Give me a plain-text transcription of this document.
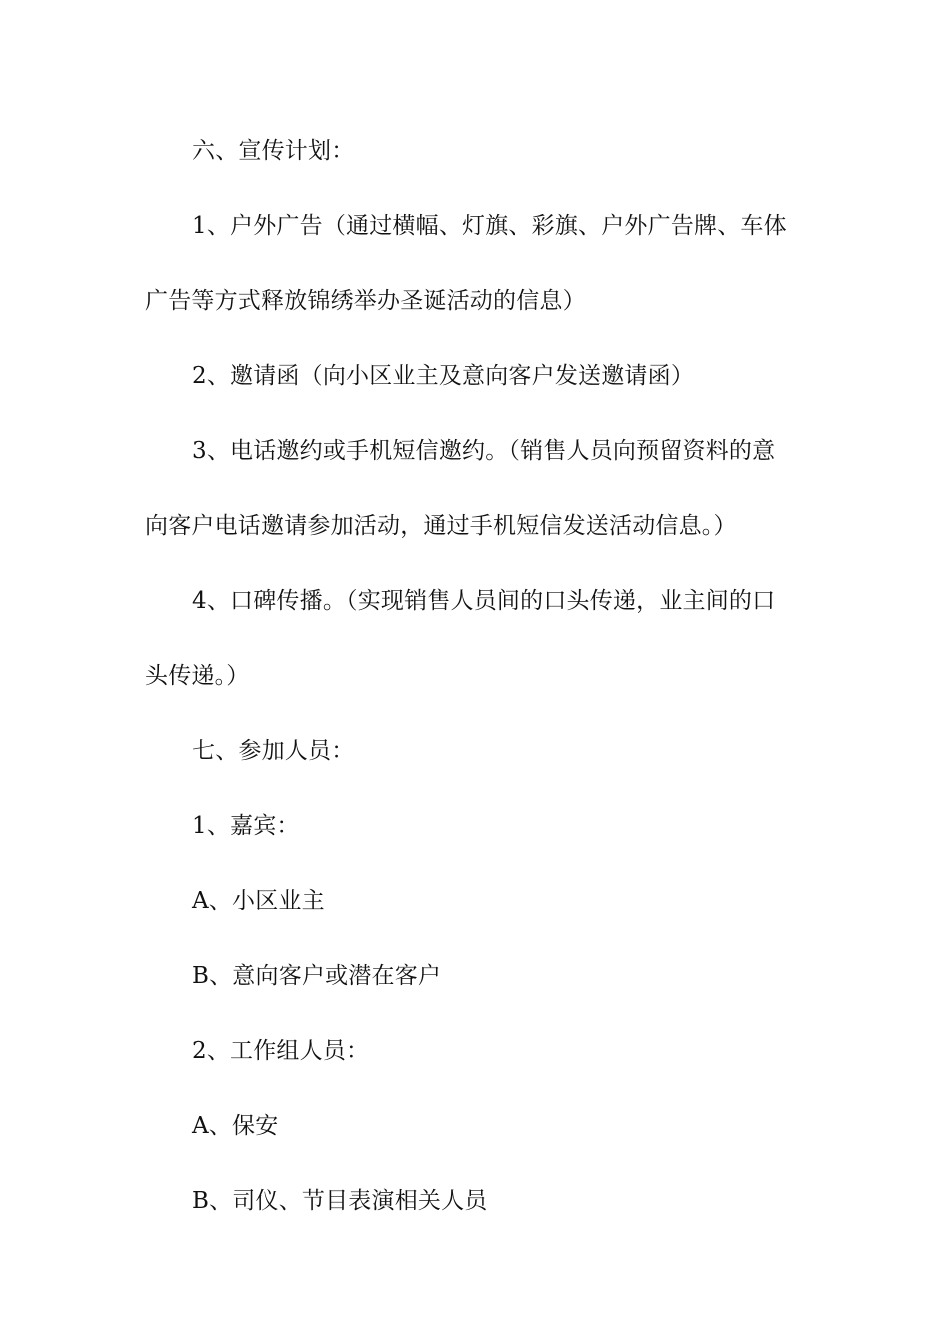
六、宣传计划：
1、户外广告（通过横幅、灯旗、彩旗、户外广告牌、车体
广告等方式释放锦绣举办圣诞活动的信息）
2、邀请函（向小区业主及意向客户发送邀请函）
3、电话邀约或手机短信邀约。（销售人员向预留资料的意
向客户电话邀请参加活动，通过手机短信发送活动信息。）
4、口碑传播。（实现销售人员间的口头传递，业主间的口
头传递。）
七、参加人员：
1、嘉宾：
A、小区业主
B、意向客户或潜在客户
2、工作组人员：
A、保安
B、司仪、节目表演相关人员
